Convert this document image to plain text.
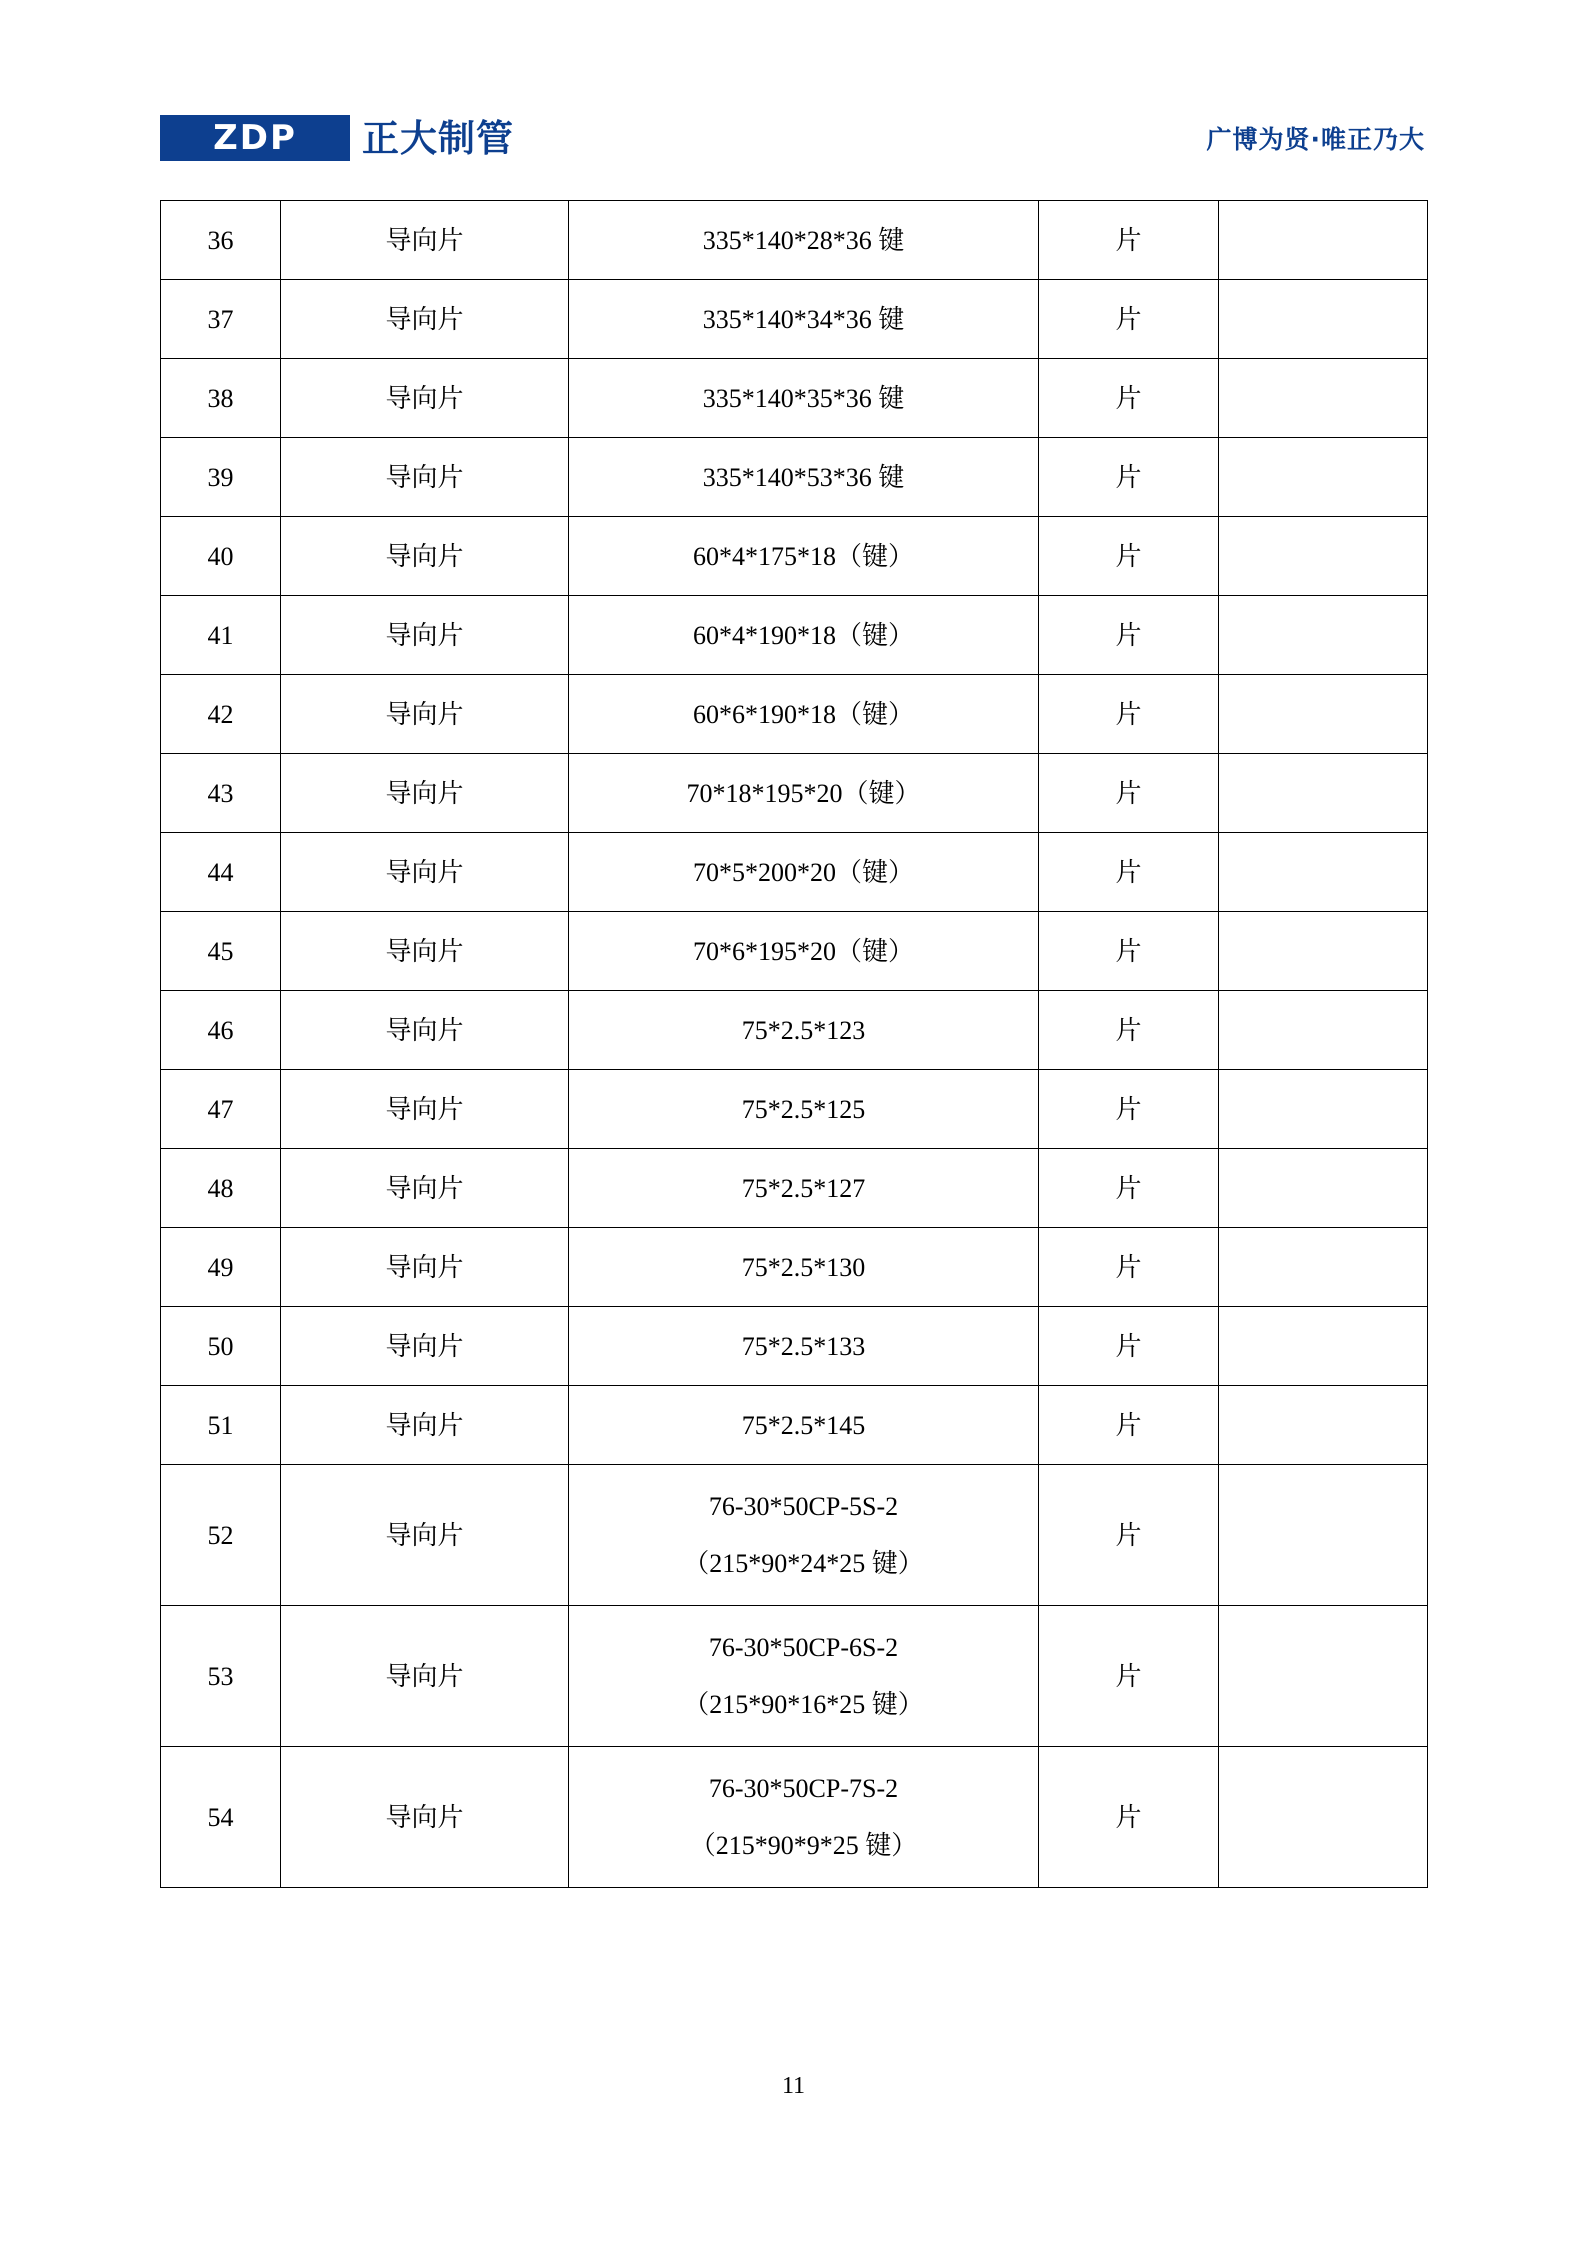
ZDP 正大制管	广博为贤·唯正乃大
36	导向片	335*140*28*36 键	片	
37	导向片	335*140*34*36 键	片	
38	导向片	335*140*35*36 键	片	
39	导向片	335*140*53*36 键	片	
40	导向片	60*4*175*18（键）	片	
41	导向片	60*4*190*18（键）	片	
42	导向片	60*6*190*18（键）	片	
43	导向片	70*18*195*20（键）	片	
44	导向片	70*5*200*20（键）	片	
45	导向片	70*6*195*20（键）	片	
46	导向片	75*2.5*123	片	
47	导向片	75*2.5*125	片	
48	导向片	75*2.5*127	片	
49	导向片	75*2.5*130	片	
50	导向片	75*2.5*133	片	
51	导向片	75*2.5*145	片	
52	导向片	76-30*50CP-5S-2
（215*90*24*25 键）	片	
53	导向片	76-30*50CP-6S-2
（215*90*16*25 键）	片	
54	导向片	76-30*50CP-7S-2
（215*90*9*25 键）	片	
11
